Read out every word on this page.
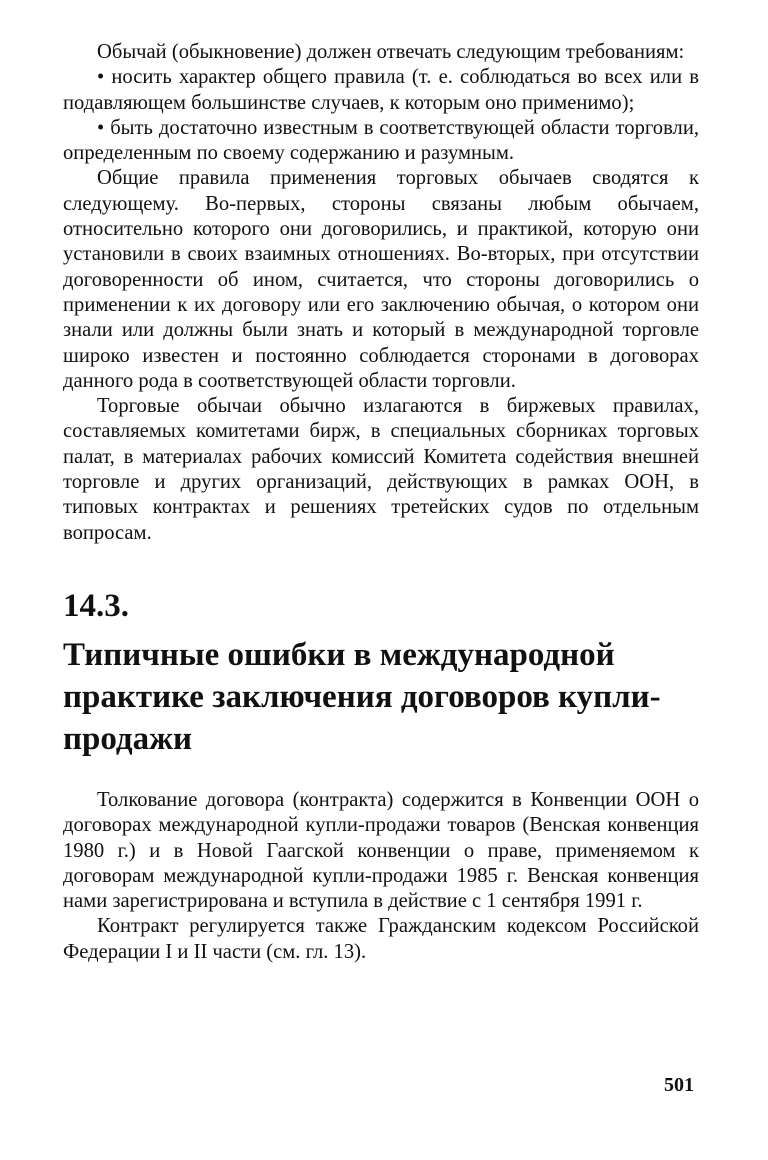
Обычай (обыкновение) должен отвечать следующим требованиям:

• носить характер общего правила (т. е. соблюдаться во всех или в подавляющем большинстве случаев, к которым оно применимо);

• быть достаточно известным в соответствующей области торговли, определенным по своему содержанию и разумным.

Общие правила применения торговых обычаев сводятся к следующему. Во-первых, стороны связаны любым обычаем, относительно которого они договорились, и практикой, которую они установили в своих взаимных отношениях. Во-вторых, при отсутствии договоренности об ином, считается, что стороны договорились о применении к их договору или его заключению обычая, о котором они знали или должны были знать и который в международной торговле широко известен и постоянно соблюдается сторонами в договорах данного рода в соответствующей области торговли.

Торговые обычаи обычно излагаются в биржевых правилах, составляемых комитетами бирж, в специальных сборниках торговых палат, в материалах рабочих комиссий Комитета содействия внешней торговле и других организаций, действующих в рамках ООН, в типовых контрактах и решениях третейских судов по отдельным вопросам.

14.3.
Типичные ошибки в международной практике заключения договоров купли-продажи

Толкование договора (контракта) содержится в Конвенции ООН о договорах международной купли-продажи товаров (Венская конвенция 1980 г.) и в Новой Гаагской конвенции о праве, применяемом к договорам международной купли-продажи 1985 г. Венская конвенция нами зарегистрирована и вступила в действие с 1 сентября 1991 г.

Контракт регулируется также Гражданским кодексом Российской Федерации I и II части (см. гл. 13).

501
